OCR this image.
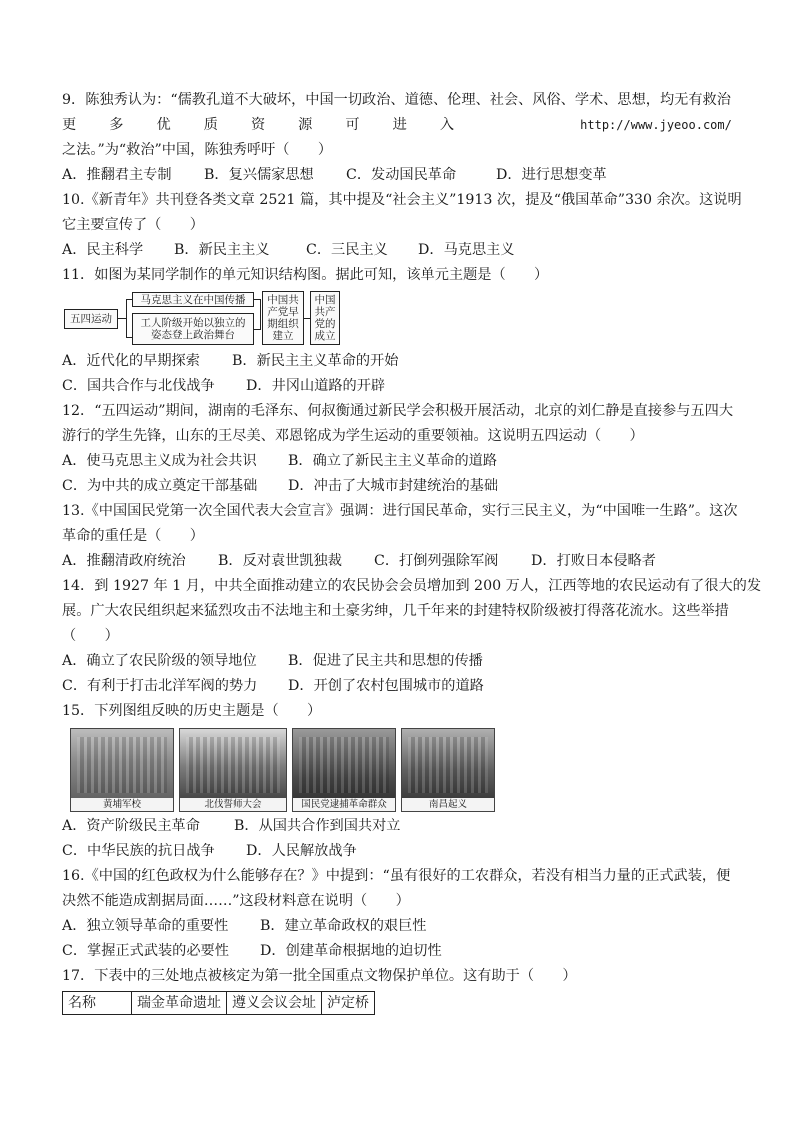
9．陈独秀认为：“儒教孔道不大破坏，中国一切政治、道德、伦理、社会、风俗、学术、思想，均无有救治
更 多 优 质 资 源 可 进 入	http://www.jyeoo.com/
之法。”为“救治”中国，陈独秀呼吁（　　）
A．推翻君主专制	B．复兴儒家思想	C．发动国民革命	D．进行思想变革
10.《新青年》共刊登各类文章 2521 篇，其中提及“社会主义”1913 次，提及“俄国革命”330 余次。这说明
它主要宣传了（　　）
A．民主科学	B．新民主主义	C．三民主义	D．马克思主义
11．如图为某同学制作的单元知识结构图。据此可知，该单元主题是（　　）
五四运动
马克思主义在中国传播
工人阶级开始以独立的姿态登上政治舞台
中国共产党早期组织建立
中国共产党的成立
A．近代化的早期探索	B．新民主主义革命的开始
C．国共合作与北伐战争	D．井冈山道路的开辟
12．“五四运动”期间，湖南的毛泽东、何叔衡通过新民学会积极开展活动，北京的刘仁静是直接参与五四大
游行的学生先锋，山东的王尽美、邓恩铭成为学生运动的重要领袖。这说明五四运动（　　）
A．使马克思主义成为社会共识	B．确立了新民主主义革命的道路
C．为中共的成立奠定干部基础	D．冲击了大城市封建统治的基础
13.《中国国民党第一次全国代表大会宣言》强调：进行国民革命，实行三民主义，为“中国唯一生路”。这次
革命的重任是（　　）
A．推翻清政府统治	B．反对袁世凯独裁	C．打倒列强除军阀	D．打败日本侵略者
14．到 1927 年 1 月，中共全面推动建立的农民协会会员增加到 200 万人，江西等地的农民运动有了很大的发
展。广大农民组织起来猛烈攻击不法地主和土豪劣绅，几千年来的封建特权阶级被打得落花流水。这些举措
（　　）
A．确立了农民阶级的领导地位	B．促进了民主共和思想的传播
C．有利于打击北洋军阀的势力	D．开创了农村包围城市的道路
15．下列图组反映的历史主题是（　　）
黄埔军校	北伐誓师大会	国民党逮捕革命群众	南昌起义
A．资产阶级民主革命	B．从国共合作到国共对立
C．中华民族的抗日战争	D．人民解放战争
16.《中国的红色政权为什么能够存在？》中提到：“虽有很好的工农群众，若没有相当力量的正式武装，便
决然不能造成割据局面……”这段材料意在说明（　　）
A．独立领导革命的重要性	B．建立革命政权的艰巨性
C．掌握正式武装的必要性	D．创建革命根据地的迫切性
17．下表中的三处地点被核定为第一批全国重点文物保护单位。这有助于（　　）
名称	瑞金革命遗址	遵义会议会址	泸定桥
